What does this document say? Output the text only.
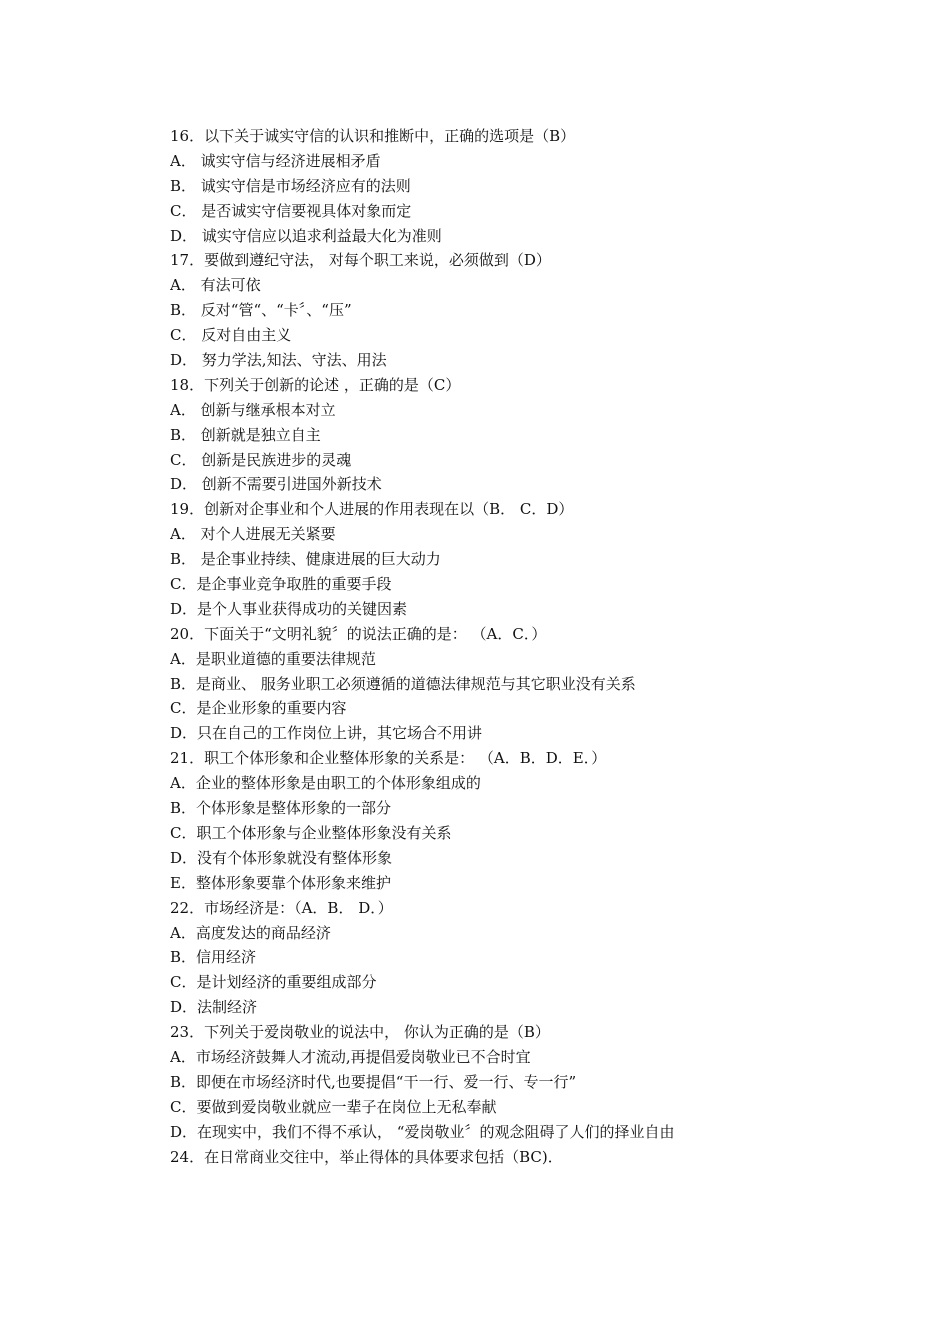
16．以下关于诚实守信的认识和推断中，正确的选项是（B）
A． 诚实守信与经济进展相矛盾
B． 诚实守信是市场经济应有的法则
C． 是否诚实守信要视具体对象而定
D． 诚实守信应以追求利益最大化为准则
17．要做到遵纪守法， 对每个职工来说，必须做到（D）
A． 有法可依
B． 反对“管“、“卡〞、“压”
C． 反对自由主义
D． 努力学法,知法、守法、用法
18．下列关于创新的论述 ，正确的是（C）
A． 创新与继承根本对立
B． 创新就是独立自主
C． 创新是民族进步的灵魂
D． 创新不需要引进国外新技术
19．创新对企事业和个人进展的作用表现在以（B． C．D）
A． 对个人进展无关紧要
B． 是企事业持续、健康进展的巨大动力
C．是企事业竞争取胜的重要手段
D．是个人事业获得成功的关键因素
20．下面关于“文明礼貌〞的说法正确的是： （A．C．）
A．是职业道德的重要法律规范
B．是商业、 服务业职工必须遵循的道德法律规范与其它职业没有关系
C．是企业形象的重要内容
D．只在自己的工作岗位上讲，其它场合不用讲
21．职工个体形象和企业整体形象的关系是： （A．B．D．E．）
A．企业的整体形象是由职工的个体形象组成的
B．个体形象是整体形象的一部分
C．职工个体形象与企业整体形象没有关系
D．没有个体形象就没有整体形象
E．整体形象要靠个体形象来维护
22．市场经济是：（A．B． D．）
A．高度发达的商品经济
B．信用经济
C．是计划经济的重要组成部分
D．法制经济
23．下列关于爱岗敬业的说法中， 你认为正确的是（B）
A．市场经济鼓舞人才流动,再提倡爱岗敬业已不合时宜
B．即便在市场经济时代,也要提倡“干一行、爱一行、专一行”
C．要做到爱岗敬业就应一辈子在岗位上无私奉献
D．在现实中，我们不得不承认， “爱岗敬业〞的观念阻碍了人们的择业自由
24．在日常商业交往中，举止得体的具体要求包括（BC)．
